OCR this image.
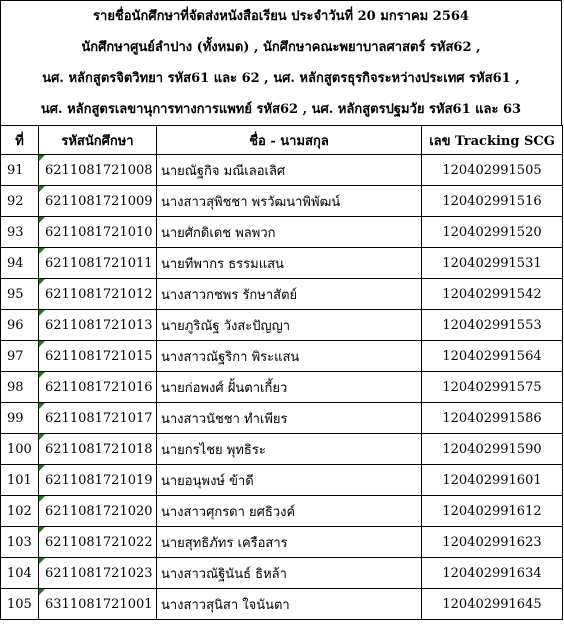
รายชื่อนักศึกษาที่จัดส่งหนังสือเรียน ประจำวันที่ 20 มกราคม 2564
นักศึกษาศูนย์ลำปาง (ทั้งหมด) , นักศึกษาคณะพยาบาลศาสตร์ รหัส62 ,
นศ. หลักสูตรจิตวิทยา รหัส61 และ 62 , นศ. หลักสูตรธุรกิจระหว่างประเทศ รหัส61 ,
นศ. หลักสูตรเลขานุการทางการแพทย์ รหัส62 , นศ. หลักสูตรปฐมวัย รหัส61 และ 63
ที่	รหัสนักศึกษา	ชื่อ - นามสกุล	เลข Tracking SCG
91	6211081721008	นายณัฐกิจ มณีเลอเลิศ	120402991505
92	6211081721009	นางสาวสุพิชชา พรวัฒนาพิพัฒน์	120402991516
93	6211081721010	นายศักดิเดช พลพวก	120402991520
94	6211081721011	นายทีพากร ธรรมแสน	120402991531
95	6211081721012	นางสาวกชพร รักษาสัตย์	120402991542
96	6211081721013	นายภูริณัฐ วังสะปัญญา	120402991553
97	6211081721015	นางสาวณัฐริกา พิระแสน	120402991564
98	6211081721016	นายก่อพงศ์ ฝั้นตาเกี้ยว	120402991575
99	6211081721017	นางสาวนัชชา ทำเพียร	120402991586
100	6211081721018	นายกรไชย พุทธิระ	120402991590
101	6211081721019	นายอนุพงษ์ ข้าดี	120402991601
102	6211081721020	นางสาวศุกรดา ยศธิวงค์	120402991612
103	6211081721022	นายสุทธิภัทร เครือสาร	120402991623
104	6211081721023	นางสาวณัฐินันธ์ ธิหล้า	120402991634
105	6311081721001	นางสาวสุนิสา ใจนันตา	120402991645
